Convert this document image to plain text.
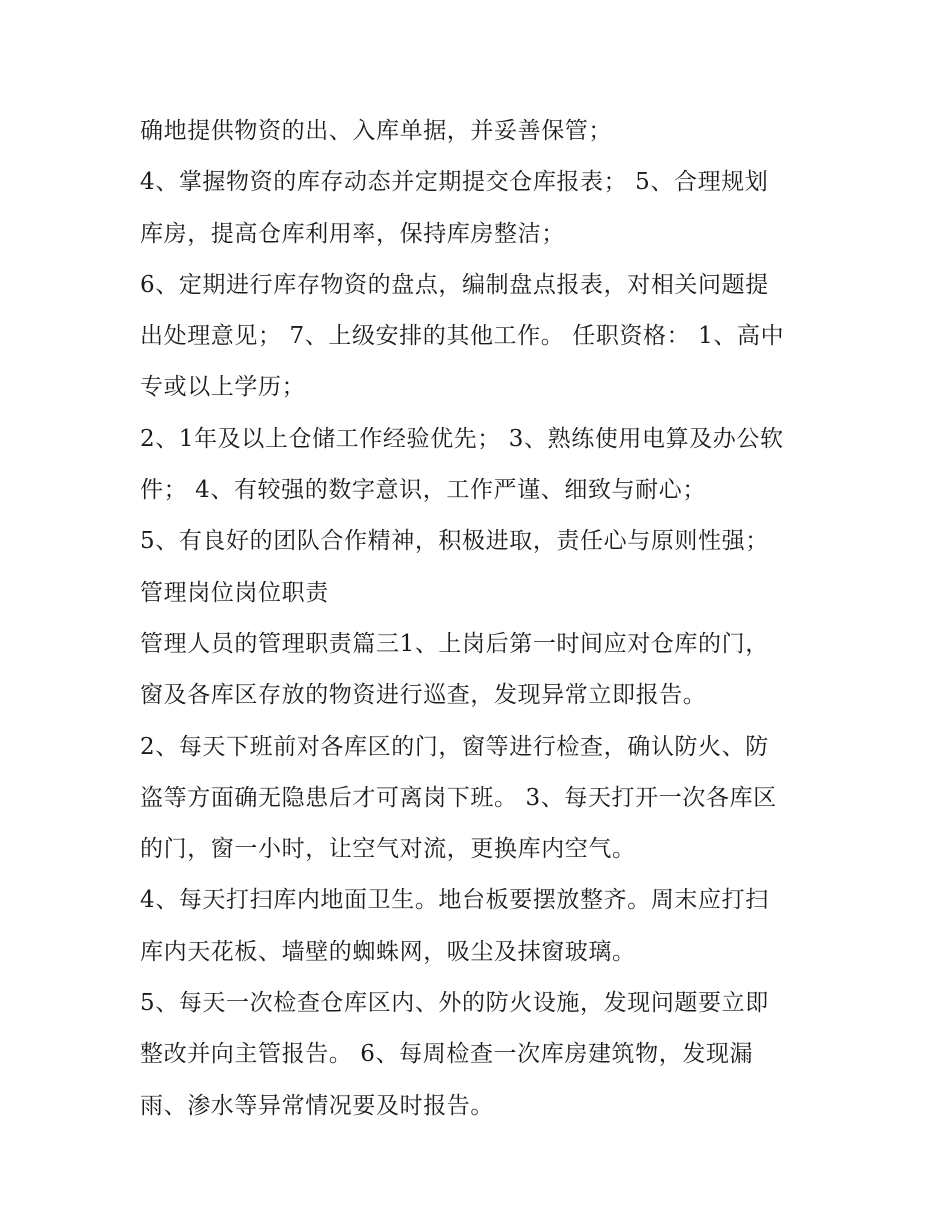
确地提供物资的出、入库单据，并妥善保管；
4、掌握物资的库存动态并定期提交仓库报表； 5、合理规划
库房，提高仓库利用率，保持库房整洁；
6、定期进行库存物资的盘点，编制盘点报表，对相关问题提
出处理意见； 7、上级安排的其他工作。 任职资格： 1、高中
专或以上学历；
2、1年及以上仓储工作经验优先； 3、熟练使用电算及办公软
件； 4、有较强的数字意识，工作严谨、细致与耐心；
5、有良好的团队合作精神，积极进取，责任心与原则性强；
管理岗位岗位职责
管理人员的管理职责篇三1、上岗后第一时间应对仓库的门，
窗及各库区存放的物资进行巡查，发现异常立即报告。
2、每天下班前对各库区的门，窗等进行检查，确认防火、防
盗等方面确无隐患后才可离岗下班。 3、每天打开一次各库区
的门，窗一小时，让空气对流，更换库内空气。
4、每天打扫库内地面卫生。地台板要摆放整齐。周末应打扫
库内天花板、墙壁的蜘蛛网，吸尘及抹窗玻璃。
5、每天一次检查仓库区内、外的防火设施，发现问题要立即
整改并向主管报告。 6、每周检查一次库房建筑物，发现漏
雨、渗水等异常情况要及时报告。
